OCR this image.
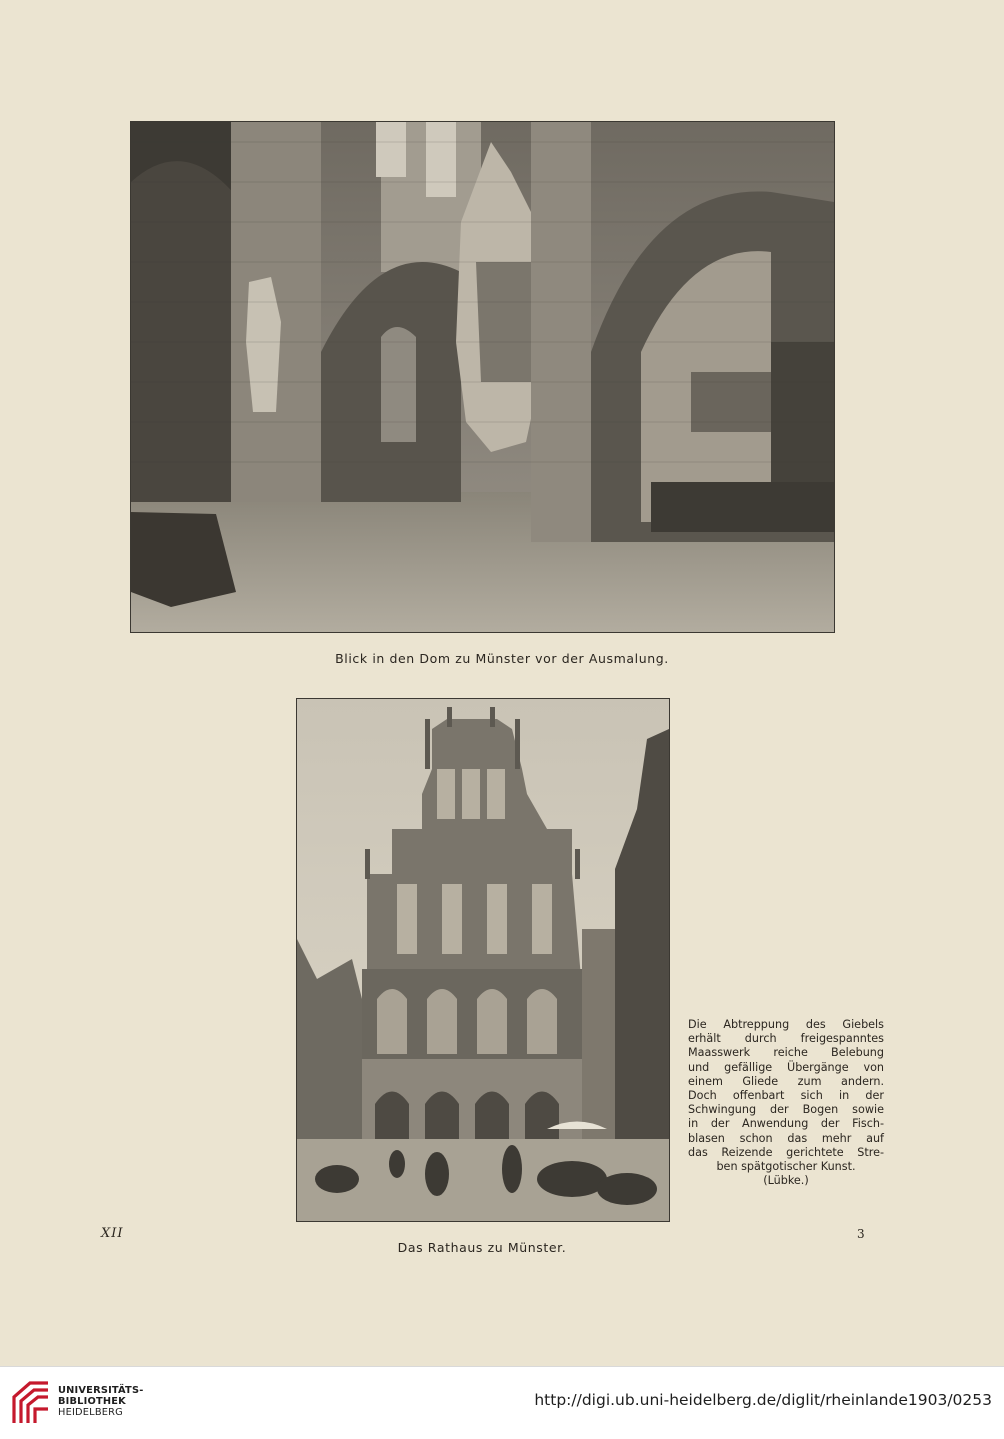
Blick in den Dom zu Münster vor der Ausmalung.
Das Rathaus zu Münster.
Die Abtreppung des Giebels
erhält durch freigespanntes
Maasswerk reiche Belebung
und gefällige Übergänge von
einem Gliede zum andern.
Doch offenbart sich in der
Schwingung der Bogen sowie
in der Anwendung der Fisch-
blasen schon das mehr auf
das Reizende gerichtete Stre-
ben spätgotischer Kunst.
(Lübke.)
XII	3
UNIVERSITÄTS-
BIBLIOTHEK
HEIDELBERG
http://digi.ub.uni-heidelberg.de/diglit/rheinlande1903/0253
